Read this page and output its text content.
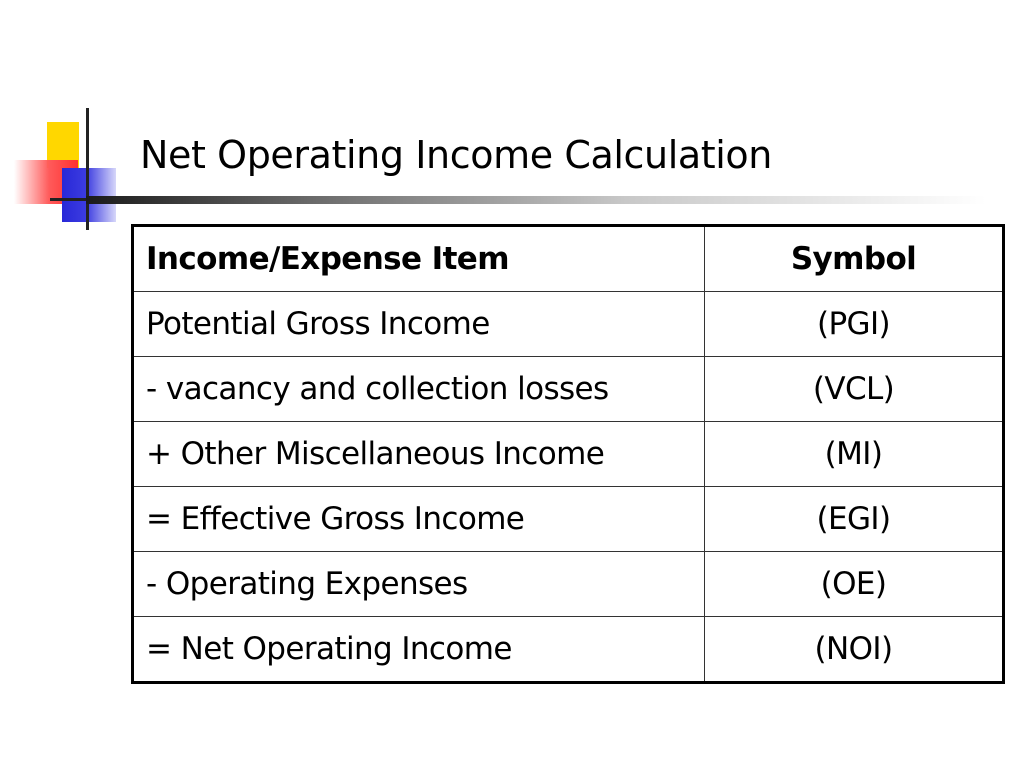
Net Operating Income Calculation
Income/Expense Item	Symbol
Potential Gross Income	(PGI)
- vacancy and collection losses	(VCL)
+ Other Miscellaneous Income	(MI)
= Effective Gross Income	(EGI)
- Operating Expenses	(OE)
= Net Operating Income	(NOI)
